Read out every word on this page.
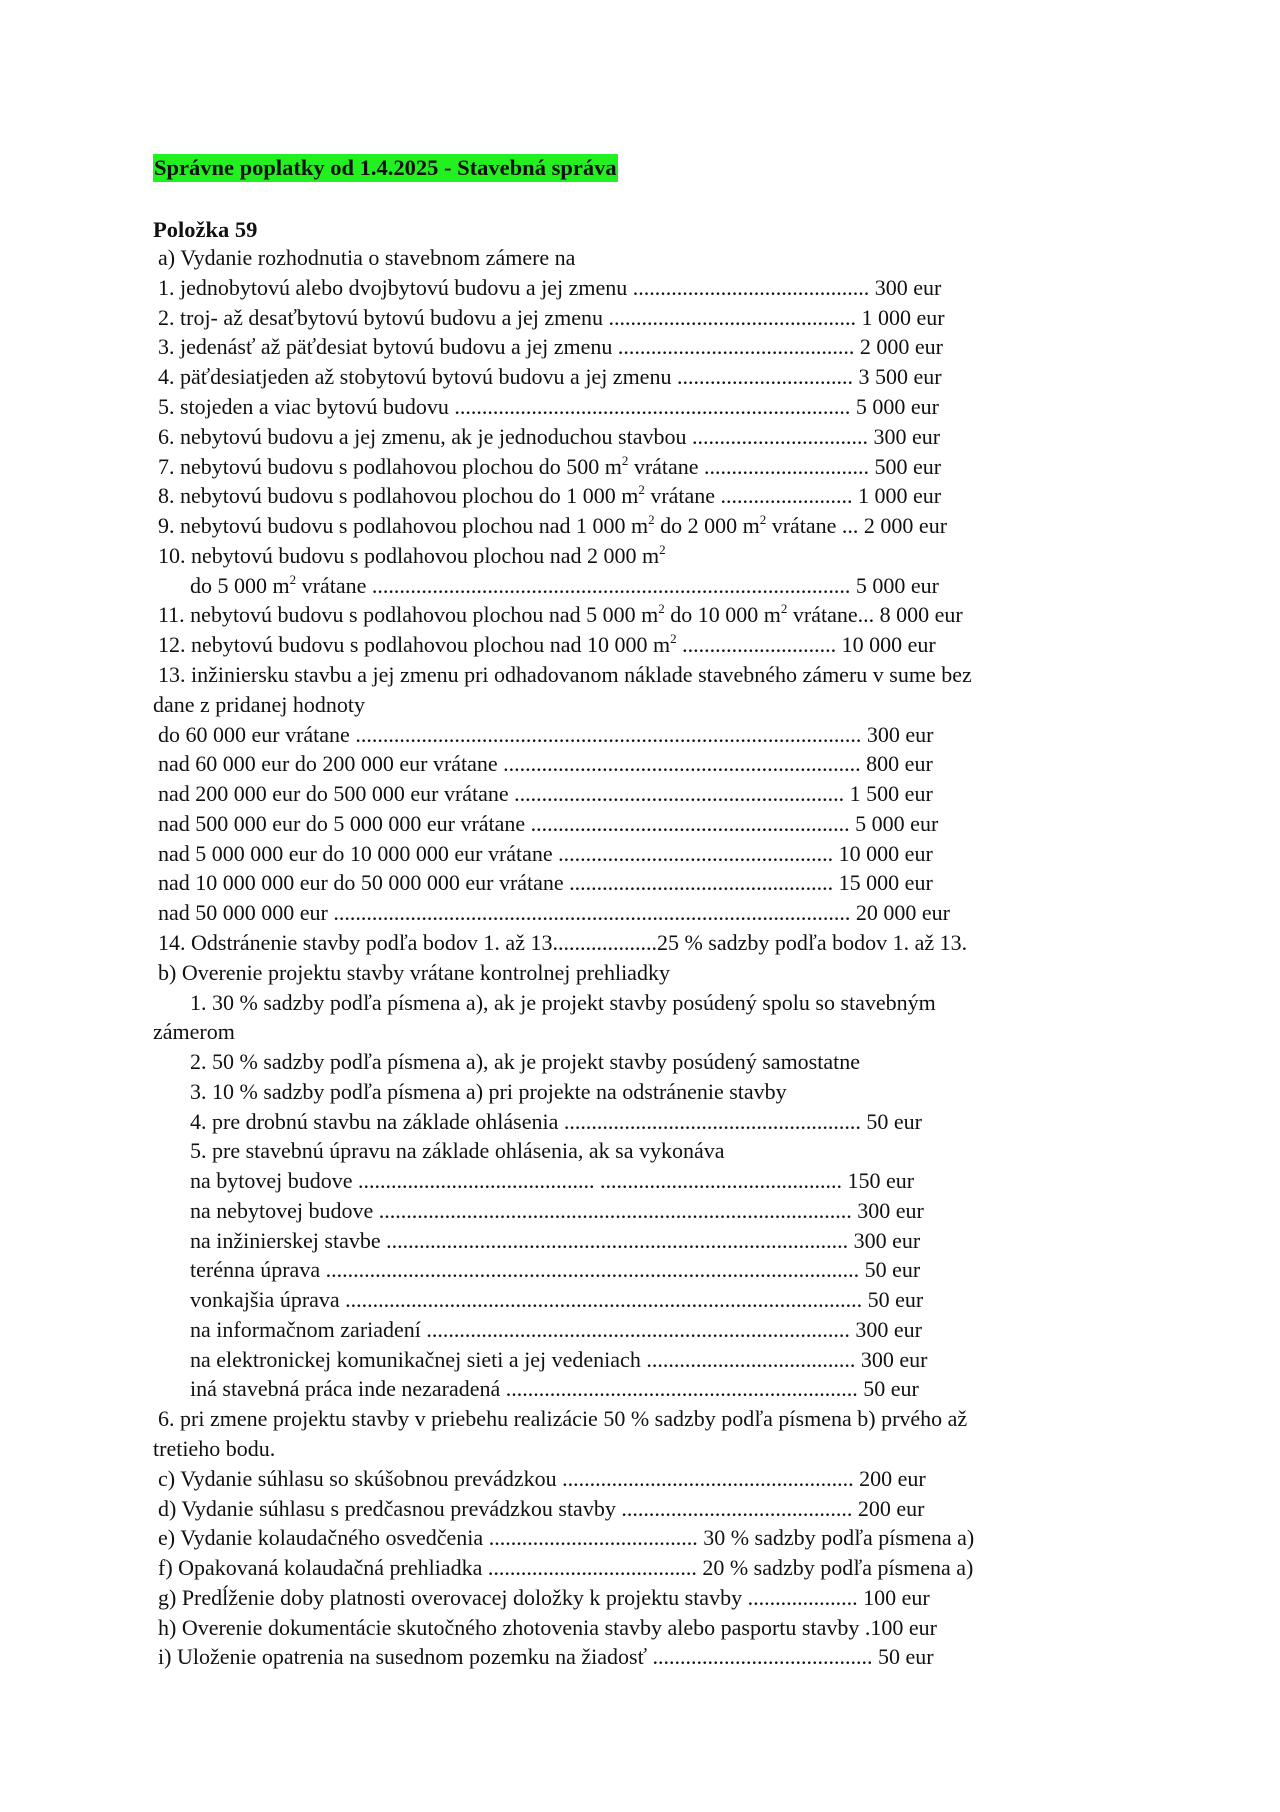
Správne poplatky od 1.4.2025 - Stavebná správa
Položka 59
a) Vydanie rozhodnutia o stavebnom zámere na
1. jednobytovú alebo dvojbytovú budovu a jej zmenu ........................................... 300 eur
2. troj- až desaťbytovú bytovú budovu a jej zmenu ............................................. 1 000 eur
3. jedenásť až päťdesiat bytovú budovu a jej zmenu ........................................... 2 000 eur
4. päťdesiatjeden až stobytovú bytovú budovu a jej zmenu ................................ 3 500 eur
5. stojeden a viac bytovú budovu ........................................................................ 5 000 eur
6. nebytovú budovu a jej zmenu, ak je jednoduchou stavbou ................................ 300 eur
7. nebytovú budovu s podlahovou plochou do 500 $m^2$ vrátane .............................. 500 eur
8. nebytovú budovu s podlahovou plochou do 1 000 $m^2$ vrátane ........................ 1 000 eur
9. nebytovú budovu s podlahovou plochou nad 1 000 $m^2$ do 2 000 $m^2$ vrátane ... 2 000 eur
10. nebytovú budovu s podlahovou plochou nad 2 000 $m^2$
do 5 000 $m^2$ vrátane ....................................................................................... 5 000 eur
11. nebytovú budovu s podlahovou plochou nad 5 000 $m^2$ do 10 000 $m^2$ vrátane... 8 000 eur
12. nebytovú budovu s podlahovou plochou nad 10 000 $m^2$ ............................ 10 000 eur
13. inžiniersku stavbu a jej zmenu pri odhadovanom náklade stavebného zámeru v sume bez
dane z pridanej hodnoty
do 60 000 eur vrátane ............................................................................................ 300 eur
nad 60 000 eur do 200 000 eur vrátane ................................................................. 800 eur
nad 200 000 eur do 500 000 eur vrátane ............................................................ 1 500 eur
nad 500 000 eur do 5 000 000 eur vrátane .......................................................... 5 000 eur
nad 5 000 000 eur do 10 000 000 eur vrátane .................................................. 10 000 eur
nad 10 000 000 eur do 50 000 000 eur vrátane ................................................ 15 000 eur
nad 50 000 000 eur .............................................................................................. 20 000 eur
14. Odstránenie stavby podľa bodov 1. až 13...................25 % sadzby podľa bodov 1. až 13.
b) Overenie projektu stavby vrátane kontrolnej prehliadky
1. 30 % sadzby podľa písmena a), ak je projekt stavby posúdený spolu so stavebným
zámerom
2. 50 % sadzby podľa písmena a), ak je projekt stavby posúdený samostatne
3. 10 % sadzby podľa písmena a) pri projekte na odstránenie stavby
4. pre drobnú stavbu na základe ohlásenia ...................................................... 50 eur
5. pre stavebnú úpravu na základe ohlásenia, ak sa vykonáva
na bytovej budove ........................................... ............................................ 150 eur
na nebytovej budove ...................................................................................... 300 eur
na inžinierskej stavbe .................................................................................... 300 eur
terénna úprava ................................................................................................. 50 eur
vonkajšia úprava .............................................................................................. 50 eur
na informačnom zariadení ............................................................................. 300 eur
na elektronickej komunikačnej sieti a jej vedeniach ...................................... 300 eur
iná stavebná práca inde nezaradená ................................................................ 50 eur
6. pri zmene projektu stavby v priebehu realizácie 50 % sadzby podľa písmena b) prvého až
tretieho bodu.
c) Vydanie súhlasu so skúšobnou prevádzkou ..................................................... 200 eur
d) Vydanie súhlasu s predčasnou prevádzkou stavby .......................................... 200 eur
e) Vydanie kolaudačného osvedčenia ...................................... 30 % sadzby podľa písmena a)
f) Opakovaná kolaudačná prehliadka ...................................... 20 % sadzby podľa písmena a)
g) Predĺženie doby platnosti overovacej doložky k projektu stavby .................... 100 eur
h) Overenie dokumentácie skutočného zhotovenia stavby alebo pasportu stavby .100 eur
i) Uloženie opatrenia na susednom pozemku na žiadosť ........................................ 50 eur
